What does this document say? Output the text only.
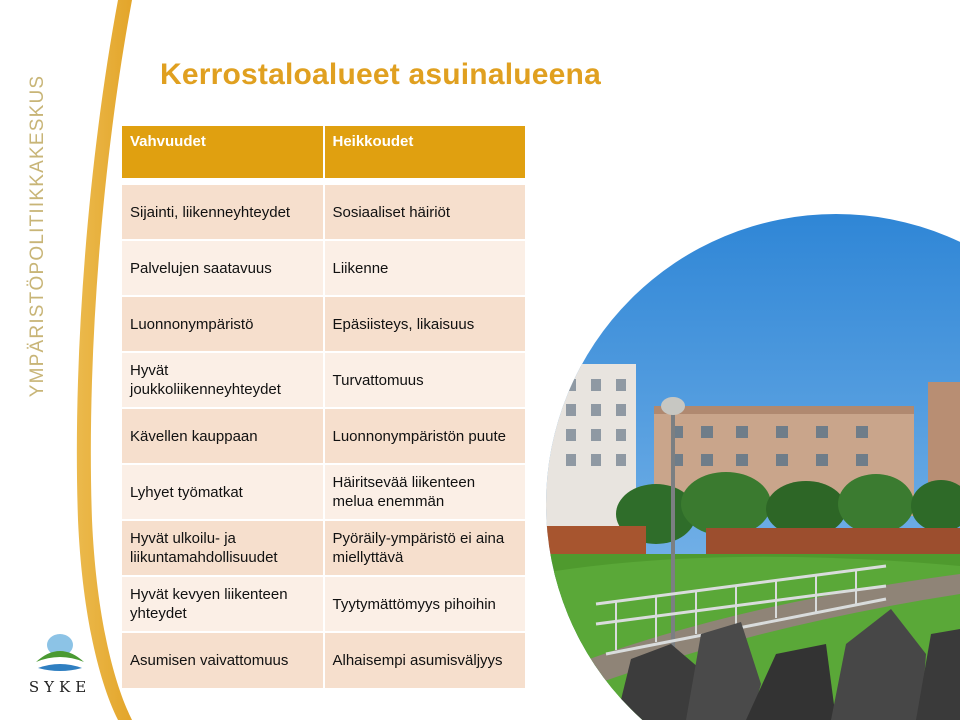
YMPÄRISTÖPOLITIIKKAKESKUS
SYKE
Kerrostaloalueet asuinalueena
Vahvuudet	Heikkoudet

Sijainti, liikenneyhteydet	Sosiaaliset häiriöt
Palvelujen saatavuus	Liikenne
Luonnonympäristö	Epäsiisteys, likaisuus
Hyvät joukkoliikenneyhteydet	Turvattomuus
Kävellen kauppaan	Luonnonympäristön puute
Lyhyet työmatkat	Häiritsevää liikenteen melua enemmän
Hyvät ulkoilu- ja liikuntamahdollisuudet	Pyöräily-ympäristö ei aina miellyttävä
Hyvät kevyen liikenteen yhteydet	Tyytymättömyys pihoihin
Asumisen vaivattomuus	Alhaisempi asumisväljyys
